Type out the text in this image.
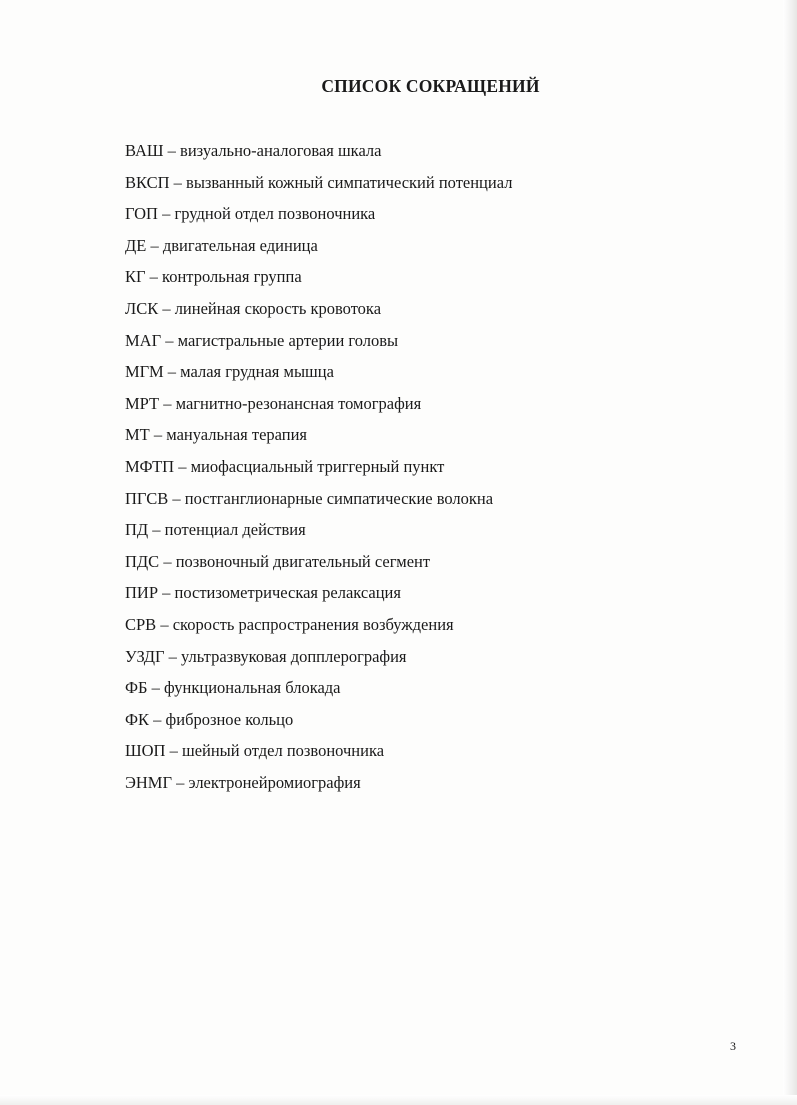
СПИСОК СОКРАЩЕНИЙ
ВАШ – визуально-аналоговая шкала
ВКСП – вызванный кожный симпатический потенциал
ГОП – грудной отдел позвоночника
ДЕ – двигательная единица
КГ – контрольная группа
ЛСК – линейная скорость кровотока
МАГ – магистральные артерии головы
МГМ – малая грудная мышца
МРТ – магнитно-резонансная томография
МТ – мануальная терапия
МФТП – миофасциальный триггерный пункт
ПГСВ – постганглионарные симпатические волокна
ПД – потенциал действия
ПДС – позвоночный двигательный сегмент
ПИР – постизометрическая релаксация
СРВ – скорость распространения возбуждения
УЗДГ – ультразвуковая допплерография
ФБ – функциональная блокада
ФК – фиброзное кольцо
ШОП – шейный отдел позвоночника
ЭНМГ – электронейромиография
3
